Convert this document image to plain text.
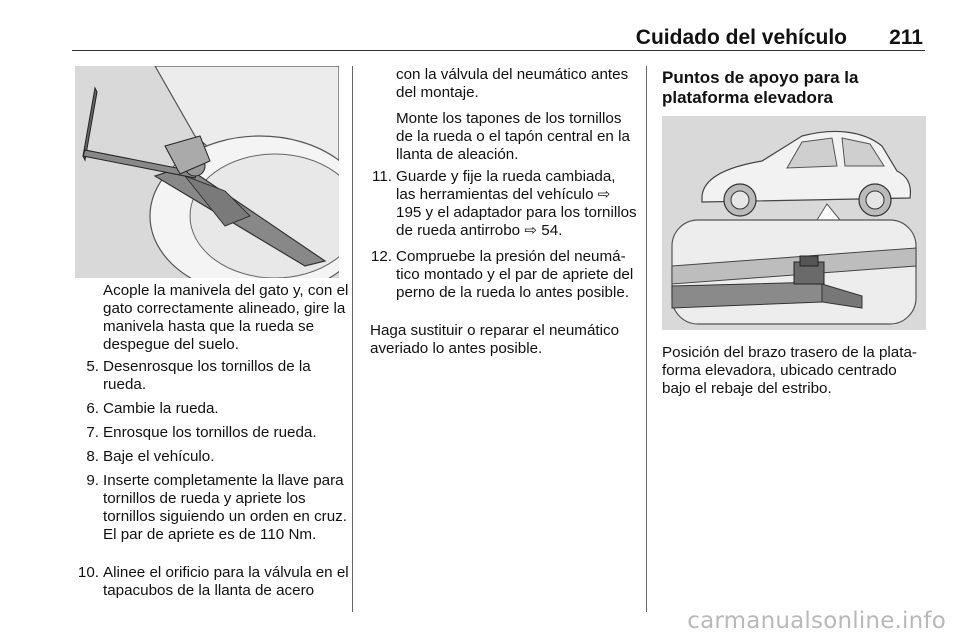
Cuidado del vehículo 211
Acople la manivela del gato y, con el gato correctamente alineado, gire la manivela hasta que la rueda se despegue del suelo.
5. Desenrosque los tornillos de la rueda.
6. Cambie la rueda.
7. Enrosque los tornillos de rueda.
8. Baje el vehículo.
9. Inserte completamente la llave para tornillos de rueda y apriete los tornillos siguiendo un orden en cruz. El par de apriete es de 110 Nm.
10. Alinee el orificio para la válvula en el tapacubos de la llanta de acero
con la válvula del neumático antes del montaje.
Monte los tapones de los tornillos de la rueda o el tapón central en la llanta de aleación.
11. Guarde y fije la rueda cambiada, las herramientas del vehículo ⇨ 195 y el adaptador para los tornillos de rueda antirrobo ⇨ 54.
12. Compruebe la presión del neumá- tico montado y el par de apriete del perno de la rueda lo antes posible.
Haga sustituir o reparar el neumático averiado lo antes posible.
Puntos de apoyo para la plataforma elevadora
Posición del brazo trasero de la plata- forma elevadora, ubicado centrado bajo el rebaje del estribo.
carmanualsonline.info
